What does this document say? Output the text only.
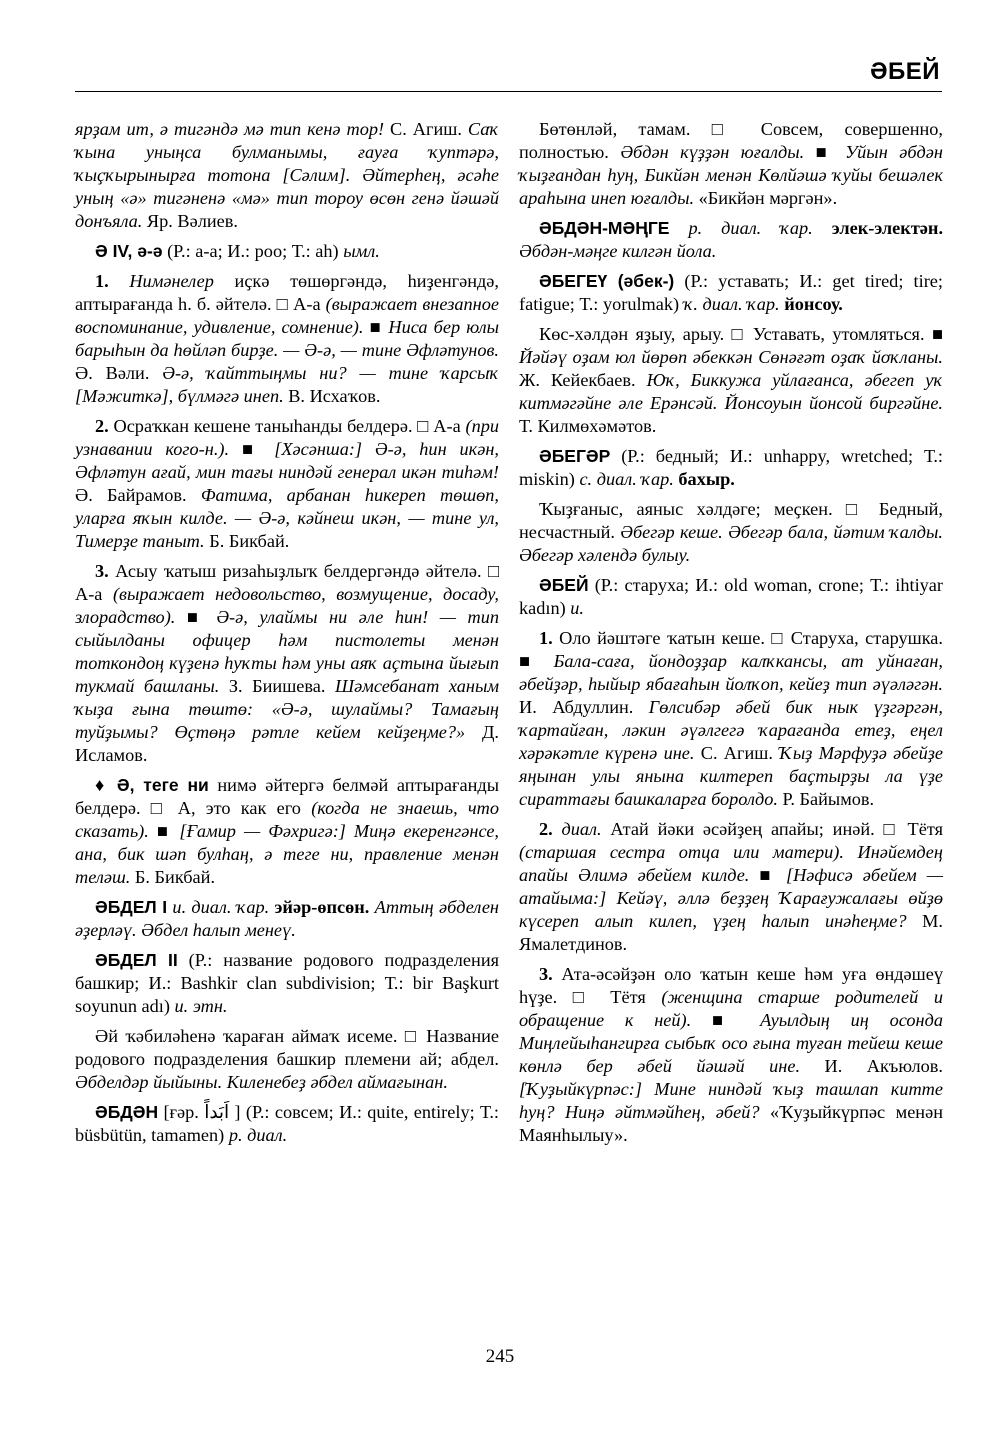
ӘБЕЙ

ярҙам ит, ә тигәндә мә тип кенә тор! С. Агиш. Саҡ ҡына уныңса булманымы, ғауға ҡуптәрә, ҡыҫҡырынырға тотона [Сәлим]. Әйтерһең, әсәһе уның «ә» тигәненә «мә» тип тороу өсөн генә йәшәй донъяла. Яр. Вәлиев.

Ә IV, ә-ә (Р.: а-а; И.: роо; Т.: ah) ымл.

1. Нимәнелер иҫкә төшөргәндә, һиҙенгәндә, аптырағанда һ. б. әйтелә. □ А-а (выражает внезапное воспоминание, удивление, сомнение). ■ Ниса бер юлы барыһын да һөйләп бирҙе. — Ә-ә, — тине Әфләтунов. Ә. Вәли. Ә-ә, ҡайттыңмы ни? — тине ҡарсыҡ [Мәжиткә], бүлмәгә инеп. В. Исхаҡов.

2. Осраҡкан кешене таныһанды белдерә. □ А-а (при узнавании кого-н.). ■ [Хәсәнша:] Ә-ә, һин икән, Әфләтун ағай, мин тағы ниндәй генерал икән тиһәм! Ә. Байрамов. Фатима, арбанан һикереп төшөп, уларға яҡын килде. — Ә-ә, кәйнеш икән, — тине ул, Тимерҙе таныт. Б. Бикбай.

3. Асыу ҡатыш ризаһыҙлыҡ белдергәндә әйтелә. □ А-а (выражает недовольство, возмущение, досаду, злорадство). ■ Ә-ә, улаймы ни әле һин! — тип сыйылданы офицер һәм пистолеты менән тоткондоң күҙенә һуҡты һәм уны аяҡ аҫтына йығып тукмай башланы. З. Биишева. Шәмсебанат ханым ҡыҙа ғына төштө: «Ә-ә, шулаймы? Тамағың туйҙымы? Өҫтөңә рәтле кейем кейҙеңме?» Д. Исламов.

♦ Ә, теге ни нимә әйтергә белмәй аптырағанды белдерә. □ А, это как его (когда не знаешь, что сказать). ■ [Ғамир — Фәхригә:] Миңә екеренгәнсе, ана, бик шәп булһаң, ә теге ни, правление менән теләш. Б. Бикбай.

ӘБДЕЛ I и. диал. ҡар. эйәр-өпсөн. Аттың әбделен әҙерләү. Әбдел һалып менеү.

ӘБДЕЛ II (Р.: название родового подразделения башкир; И.: Bashkir clan subdivision; Т.: bir Başkurt soyunun adı) и. этн.

Әй ҡәбиләһенә ҡараған аймаҡ исеме. □ Название родового подразделения башкир племени ай; абдел. Әбделдәр йыйыны. Киленебеҙ әбдел аймағынан.

ӘБДӘН [ғәр. اَبَداً ] (Р.: совсем; И.: quite, entirely; Т.: büsbütün, tamamen) р. диал.

Бөтөнләй, тамам. □ Совсем, совершенно, полностью. Әбдән күҙҙән юғалды. ■ Уйын әбдән ҡыҙғандан һуң, Бикйән менән Көлйәшә ҡуйы бешәлек араһына инеп юғалды. «Бикйән мәргән».

ӘБДӘН-МӘҢГЕ р. диал. ҡар. элек-электән. Әбдән-мәңге килгән йола.

ӘБЕГЕҮ (әбек-) (Р.: уставать; И.: get tired; tire; fatigue; Т.: yorulmak) ҡ. диал. ҡар. йонсоу.

Көс-хәлдән яҙыу, арыу. □ Уставать, утомляться. ■ Йәйәү оҙам юл йөрөп әбеккән Сөнәғәт оҙаҡ йоҡланы. Ж. Кейекбаев. Юҡ, Биккужа уйлағанса, әбегеп уҡ китмәгәйне әле Ерәнсәй. Йонсоуын йонсой биргәйне. Т. Килмөхәмәтов.

ӘБЕГӘР (Р.: бедный; И.: unhappy, wretched; Т.: miskin) с. диал. ҡар. бахыр.

Ҡыҙғаныс, аяныс хәлдәге; меҫкен. □ Бедный, несчастный. Әбегәр кеше. Әбегәр бала, йәтим ҡалды. Әбегәр хәлендә булыу.

ӘБЕЙ (Р.: старуха; И.: old woman, crone; Т.: ihtiyar kadın) и.

1. Оло йәштәге ҡатын кеше. □ Старуха, старушка. ■ Бала-саға, йондоҙҙар калҡкансы, ат уйнаған, әбейҙәр, һыйыр ябағаһын йолҡоп, кейеҙ тип әүәләгән. И. Абдуллин. Гөлсибәр әбей бик нык үҙгәргән, ҡартайған, ләкин әүәлгегә ҡарағанда етеҙ, еңел хәрәкәтле күренә ине. С. Агиш. Ҡыҙ Мәрфуҙә әбейҙе яңынан улы янына килтереп баҫтырҙы ла үҙе сираттағы башкаларға боролдо. Р. Байымов.

2. диал. Атай йәки әсәйҙең апайы; инәй. □ Тётя (старшая сестра отца или матери). Инәйемдең апайы Әлимә әбейем килде. ■ [Нәфисә әбейем — атайыма:] Кейәү, әллә беҙҙең Ҡарағужалағы өйҙө күсереп алып килеп, үҙең һалып инәһеңме? М. Ямалетдинов.

3. Ата-әсәйҙән оло ҡатын кеше һәм уға өндәшеү һүҙе. □ Тётя (женщина старше родителей и обращение к ней). ■ Ауылдың иң осонда Миңлейыһангирға сыбыҡ осо ғына туған тейеш кеше көнлә бер әбей йәшәй ине. И. Акъюлов. [Ҡуҙыйкүрпәс:] Мине ниндәй ҡыҙ ташлап китте һуң? Ниңә әйтмәйһең, әбей? «Ҡуҙыйкүрпәс менән Маянһылыу».

245
